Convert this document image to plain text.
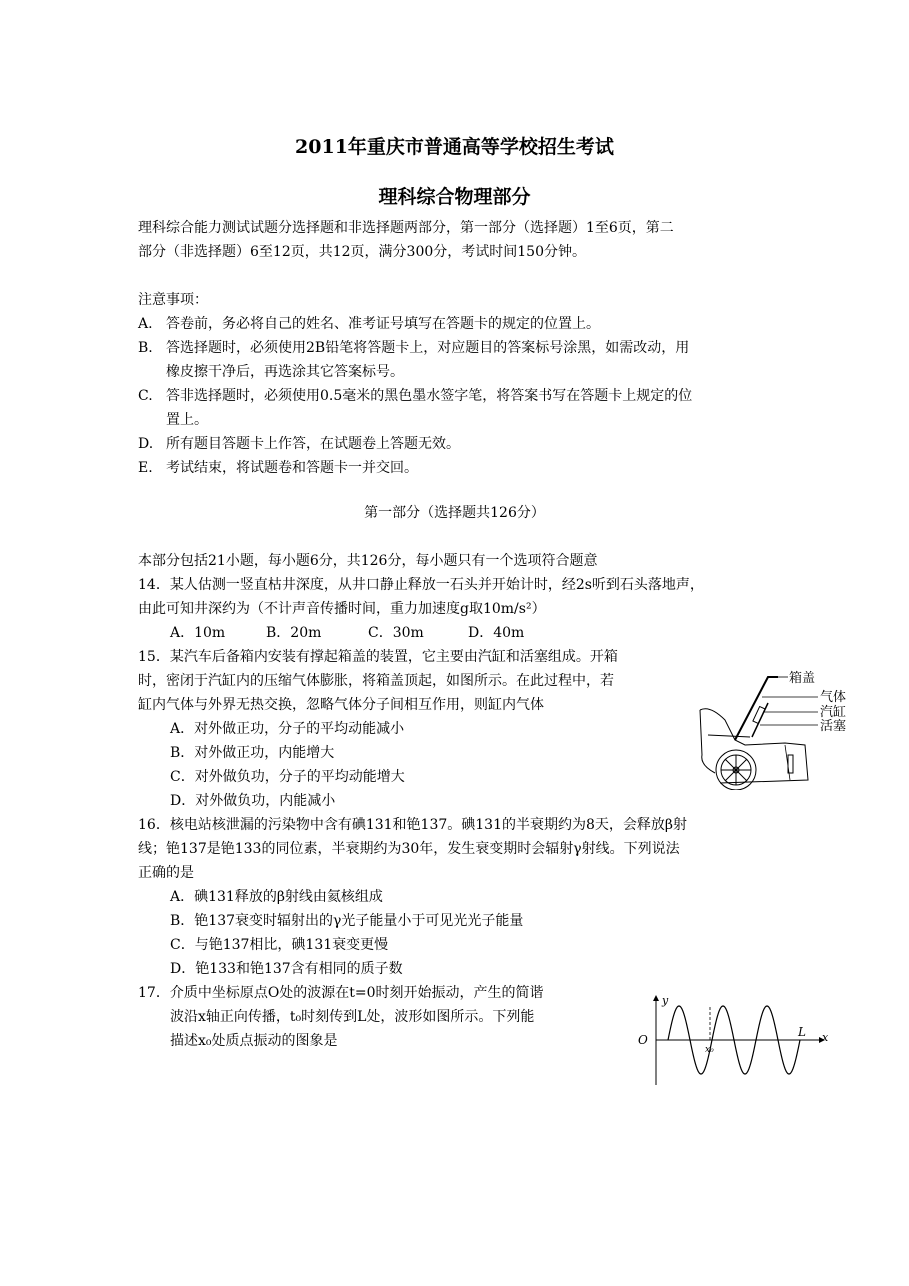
2011年重庆市普通高等学校招生考试
理科综合物理部分
理科综合能力测试试题分选择题和非选择题两部分，第一部分（选择题）1至6页，第二
部分（非选择题）6至12页，共12页，满分300分，考试时间150分钟。
注意事项：
A. 答卷前，务必将自己的姓名、准考证号填写在答题卡的规定的位置上。
B. 答选择题时，必须使用2B铅笔将答题卡上，对应题目的答案标号涂黑，如需改动，用
橡皮擦干净后，再选涂其它答案标号。
C. 答非选择题时，必须使用0.5毫米的黑色墨水签字笔，将答案书写在答题卡上规定的位
置上。
D. 所有题目答题卡上作答，在试题卷上答题无效。
E. 考试结束，将试题卷和答题卡一并交回。
第一部分（选择题共126分）
本部分包括21小题，每小题6分，共126分，每小题只有一个选项符合题意
14．某人估测一竖直枯井深度，从井口静止释放一石头并开始计时，经2s听到石头落地声，
由此可知井深约为（不计声音传播时间，重力加速度g取10m/s²）
A．10m	B．20m	C．30m	D．40m
15．某汽车后备箱内安装有撑起箱盖的装置，它主要由汽缸和活塞组成。开箱
时，密闭于汽缸内的压缩气体膨胀，将箱盖顶起，如图所示。在此过程中，若
缸内气体与外界无热交换，忽略气体分子间相互作用，则缸内气体
A．对外做正功，分子的平均动能减小
B．对外做正功，内能增大
C．对外做负功，分子的平均动能增大
D．对外做负功，内能减小
箱盖
气体
汽缸
活塞
16．核电站核泄漏的污染物中含有碘131和铯137。碘131的半衰期约为8天，会释放β射
线；铯137是铯133的同位素，半衰期约为30年，发生衰变期时会辐射γ射线。下列说法
正确的是
A．碘131释放的β射线由氦核组成
B．铯137衰变时辐射出的γ光子能量小于可见光光子能量
C．与铯137相比，碘131衰变更慢
D．铯133和铯137含有相同的质子数
17．介质中坐标原点O处的波源在t=0时刻开始振动，产生的简谐
波沿x轴正向传播，t₀时刻传到L处，波形如图所示。下列能
描述x₀处质点振动的图象是
y
x
O
L
x₀
